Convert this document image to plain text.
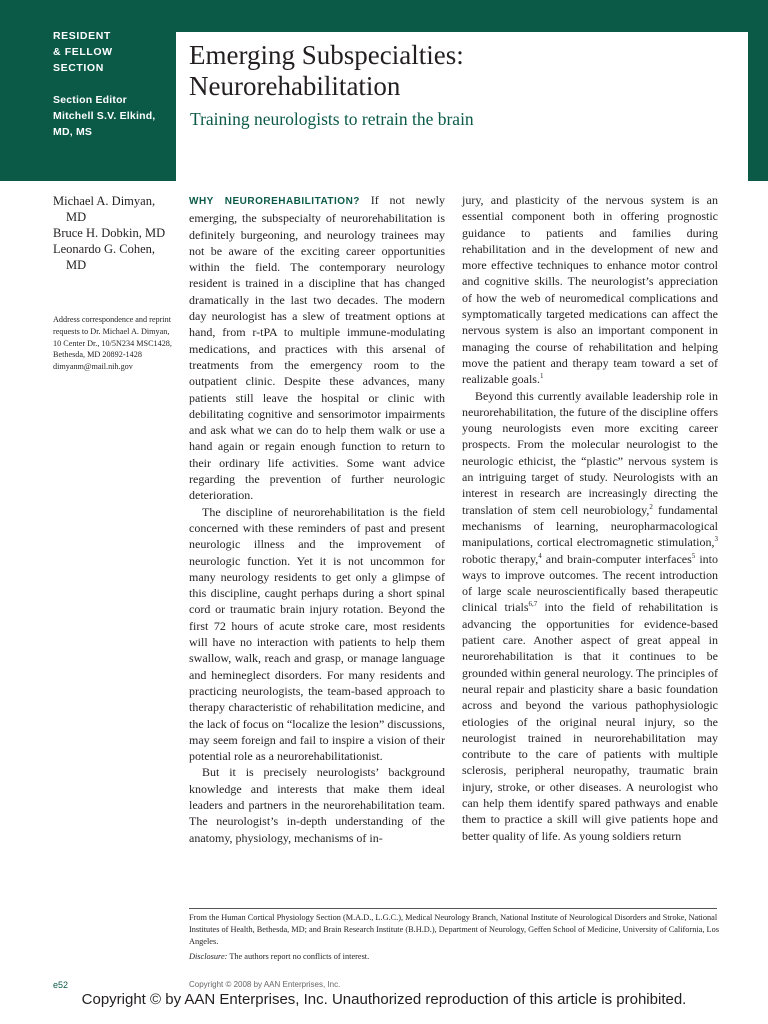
RESIDENT
& FELLOW
SECTION
Section Editor
Mitchell S.V. Elkind,
MD, MS
Emerging Subspecialties:
Neurorehabilitation
Training neurologists to retrain the brain
Michael A. Dimyan, MD
Bruce H. Dobkin, MD
Leonardo G. Cohen, MD
Address correspondence and reprint requests to Dr. Michael A. Dimyan, 10 Center Dr., 10/5N234 MSC1428, Bethesda, MD 20892-1428 dimyanm@mail.nih.gov

WHY NEUROREHABILITATION? If not newly emerging, the subspecialty of neurorehabilitation is definitely burgeoning, and neurology trainees may not be aware of the exciting career opportunities within the field. The contemporary neurology resident is trained in a discipline that has changed dramatically in the last two decades. The modern day neurologist has a slew of treatment options at hand, from r-tPA to multiple immune-modulating medications, and practices with this arsenal of treatments from the emergency room to the outpatient clinic. Despite these advances, many patients still leave the hospital or clinic with debilitating cognitive and sensorimotor impairments and ask what we can do to help them walk or use a hand again or regain enough function to return to their ordinary life activities. Some want advice regarding the prevention of further neurologic deterioration.

The discipline of neurorehabilitation is the field concerned with these reminders of past and present neurologic illness and the improvement of neurologic function. Yet it is not uncommon for many neurology residents to get only a glimpse of this discipline, caught perhaps during a short spinal cord or traumatic brain injury rotation. Beyond the first 72 hours of acute stroke care, most residents will have no interaction with patients to help them swallow, walk, reach and grasp, or manage language and hemineglect disorders. For many residents and practicing neurologists, the team-based approach to therapy characteristic of rehabilitation medicine, and the lack of focus on “localize the lesion” discussions, may seem foreign and fail to inspire a vision of their potential role as a neurorehabilitationist.

But it is precisely neurologists’ background knowledge and interests that make them ideal leaders and partners in the neurorehabilitation team. The neurologist’s in-depth understanding of the anatomy, physiology, mechanisms of in-

jury, and plasticity of the nervous system is an essential component both in offering prognostic guidance to patients and families during rehabilitation and in the development of new and more effective techniques to enhance motor control and cognitive skills. The neurologist’s appreciation of how the web of neuromedical complications and symptomatically targeted medications can affect the nervous system is also an important component in managing the course of rehabilitation and helping move the patient and therapy team toward a set of realizable goals.$^1$

Beyond this currently available leadership role in neurorehabilitation, the future of the discipline offers young neurologists even more exciting career prospects. From the molecular neurologist to the neurologic ethicist, the “plastic” nervous system is an intriguing target of study. Neurologists with an interest in research are increasingly directing the translation of stem cell neurobiology,$^2$ fundamental mechanisms of learning, neuropharmacological manipulations, cortical electromagnetic stimulation,$^3$ robotic therapy,$^4$ and brain-computer interfaces$^5$ into ways to improve outcomes. The recent introduction of large scale neuroscientifically based therapeutic clinical trials$^{6,7}$ into the field of rehabilitation is advancing the opportunities for evidence-based patient care. Another aspect of great appeal in neurorehabilitation is that it continues to be grounded within general neurology. The principles of neural repair and plasticity share a basic foundation across and beyond the various pathophysiologic etiologies of the original neural injury, so the neurologist trained in neurorehabilitation may contribute to the care of patients with multiple sclerosis, peripheral neuropathy, traumatic brain injury, stroke, or other diseases. A neurologist who can help them identify spared pathways and enable them to practice a skill will give patients hope and better quality of life. As young soldiers return

From the Human Cortical Physiology Section (M.A.D., L.G.C.), Medical Neurology Branch, National Institute of Neurological Disorders and Stroke, National Institutes of Health, Bethesda, MD; and Brain Research Institute (B.H.D.), Department of Neurology, Geffen School of Medicine, University of California, Los Angeles.

Disclosure: The authors report no conflicts of interest.

e52	Copyright © 2008 by AAN Enterprises, Inc.
Copyright © by AAN Enterprises, Inc. Unauthorized reproduction of this article is prohibited.
